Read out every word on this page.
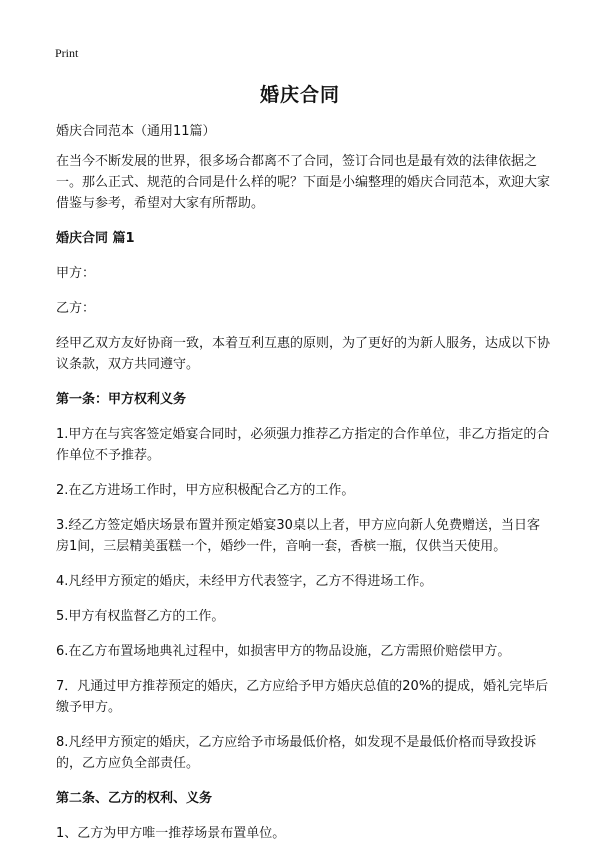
Print
婚庆合同

婚庆合同范本（通用11篇）

在当今不断发展的世界，很多场合都离不了合同，签订合同也是最有效的法律依据之一。那么正式、规范的合同是什么样的呢？下面是小编整理的婚庆合同范本，欢迎大家借鉴与参考，希望对大家有所帮助。

婚庆合同 篇1

甲方：

乙方：

经甲乙双方友好协商一致，本着互利互惠的原则，为了更好的为新人服务，达成以下协议条款，双方共同遵守。

第一条：甲方权利义务

1.甲方在与宾客签定婚宴合同时，必须强力推荐乙方指定的合作单位，非乙方指定的合作单位不予推荐。

2.在乙方进场工作时，甲方应积极配合乙方的工作。

3.经乙方签定婚庆场景布置并预定婚宴30桌以上者，甲方应向新人免费赠送，当日客房1间，三层精美蛋糕一个，婚纱一件，音响一套，香槟一瓶，仅供当天使用。

4.凡经甲方预定的婚庆，未经甲方代表签字，乙方不得进场工作。

5.甲方有权监督乙方的工作。

6.在乙方布置场地典礼过程中，如损害甲方的物品设施，乙方需照价赔偿甲方。

7．凡通过甲方推荐预定的婚庆，乙方应给予甲方婚庆总值的20%的提成，婚礼完毕后缴予甲方。

8.凡经甲方预定的婚庆，乙方应给予市场最低价格，如发现不是最低价格而导致投诉的，乙方应负全部责任。

第二条、乙方的权利、义务

1、乙方为甲方唯一推荐场景布置单位。
